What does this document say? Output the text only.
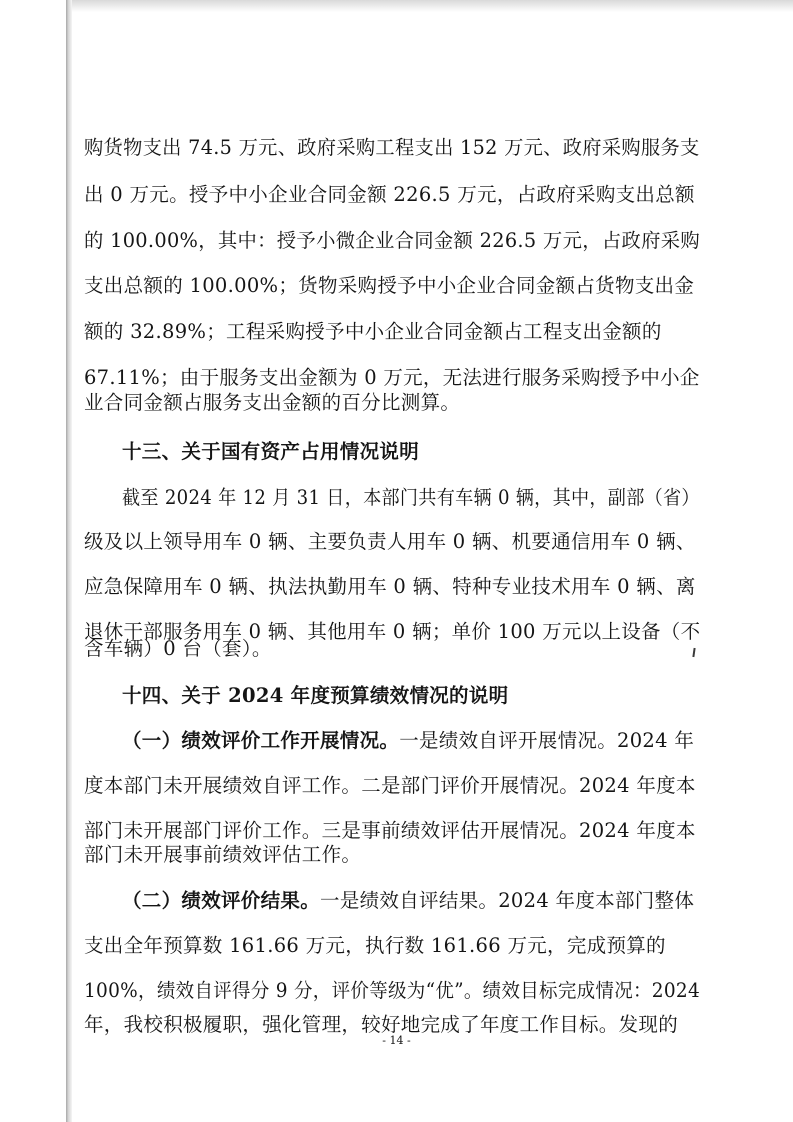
购货物支出 74.5 万元、政府采购工程支出 152 万元、政府采购服务支
出 0 万元。授予中小企业合同金额 226.5 万元，占政府采购支出总额
的 100.00%，其中：授予小微企业合同金额 226.5 万元，占政府采购
支出总额的 100.00%；货物采购授予中小企业合同金额占货物支出金
额的 32.89%；工程采购授予中小企业合同金额占工程支出金额的
67.11%；由于服务支出金额为 0 万元，无法进行服务采购授予中小企
业合同金额占服务支出金额的百分比测算。
十三、关于国有资产占用情况说明
截至 2024 年 12 月 31 日，本部门共有车辆 0 辆，其中，副部（省）
级及以上领导用车 0 辆、主要负责人用车 0 辆、机要通信用车 0 辆、
应急保障用车 0 辆、执法执勤用车 0 辆、特种专业技术用车 0 辆、离
退休干部服务用车 0 辆、其他用车 0 辆；单价 100 万元以上设备（不
含车辆）0 台（套）。
十四、关于 2024 年度预算绩效情况的说明
（一）绩效评价工作开展情况。一是绩效自评开展情况。2024 年
度本部门未开展绩效自评工作。二是部门评价开展情况。2024 年度本
部门未开展部门评价工作。三是事前绩效评估开展情况。2024 年度本
部门未开展事前绩效评估工作。
（二）绩效评价结果。一是绩效自评结果。2024 年度本部门整体
支出全年预算数 161.66 万元，执行数 161.66 万元，完成预算的
100%，绩效自评得分 9 分，评价等级为“优”。绩效目标完成情况：2024
年，我校积极履职，强化管理，较好地完成了年度工作目标。发现的
- 14 -
